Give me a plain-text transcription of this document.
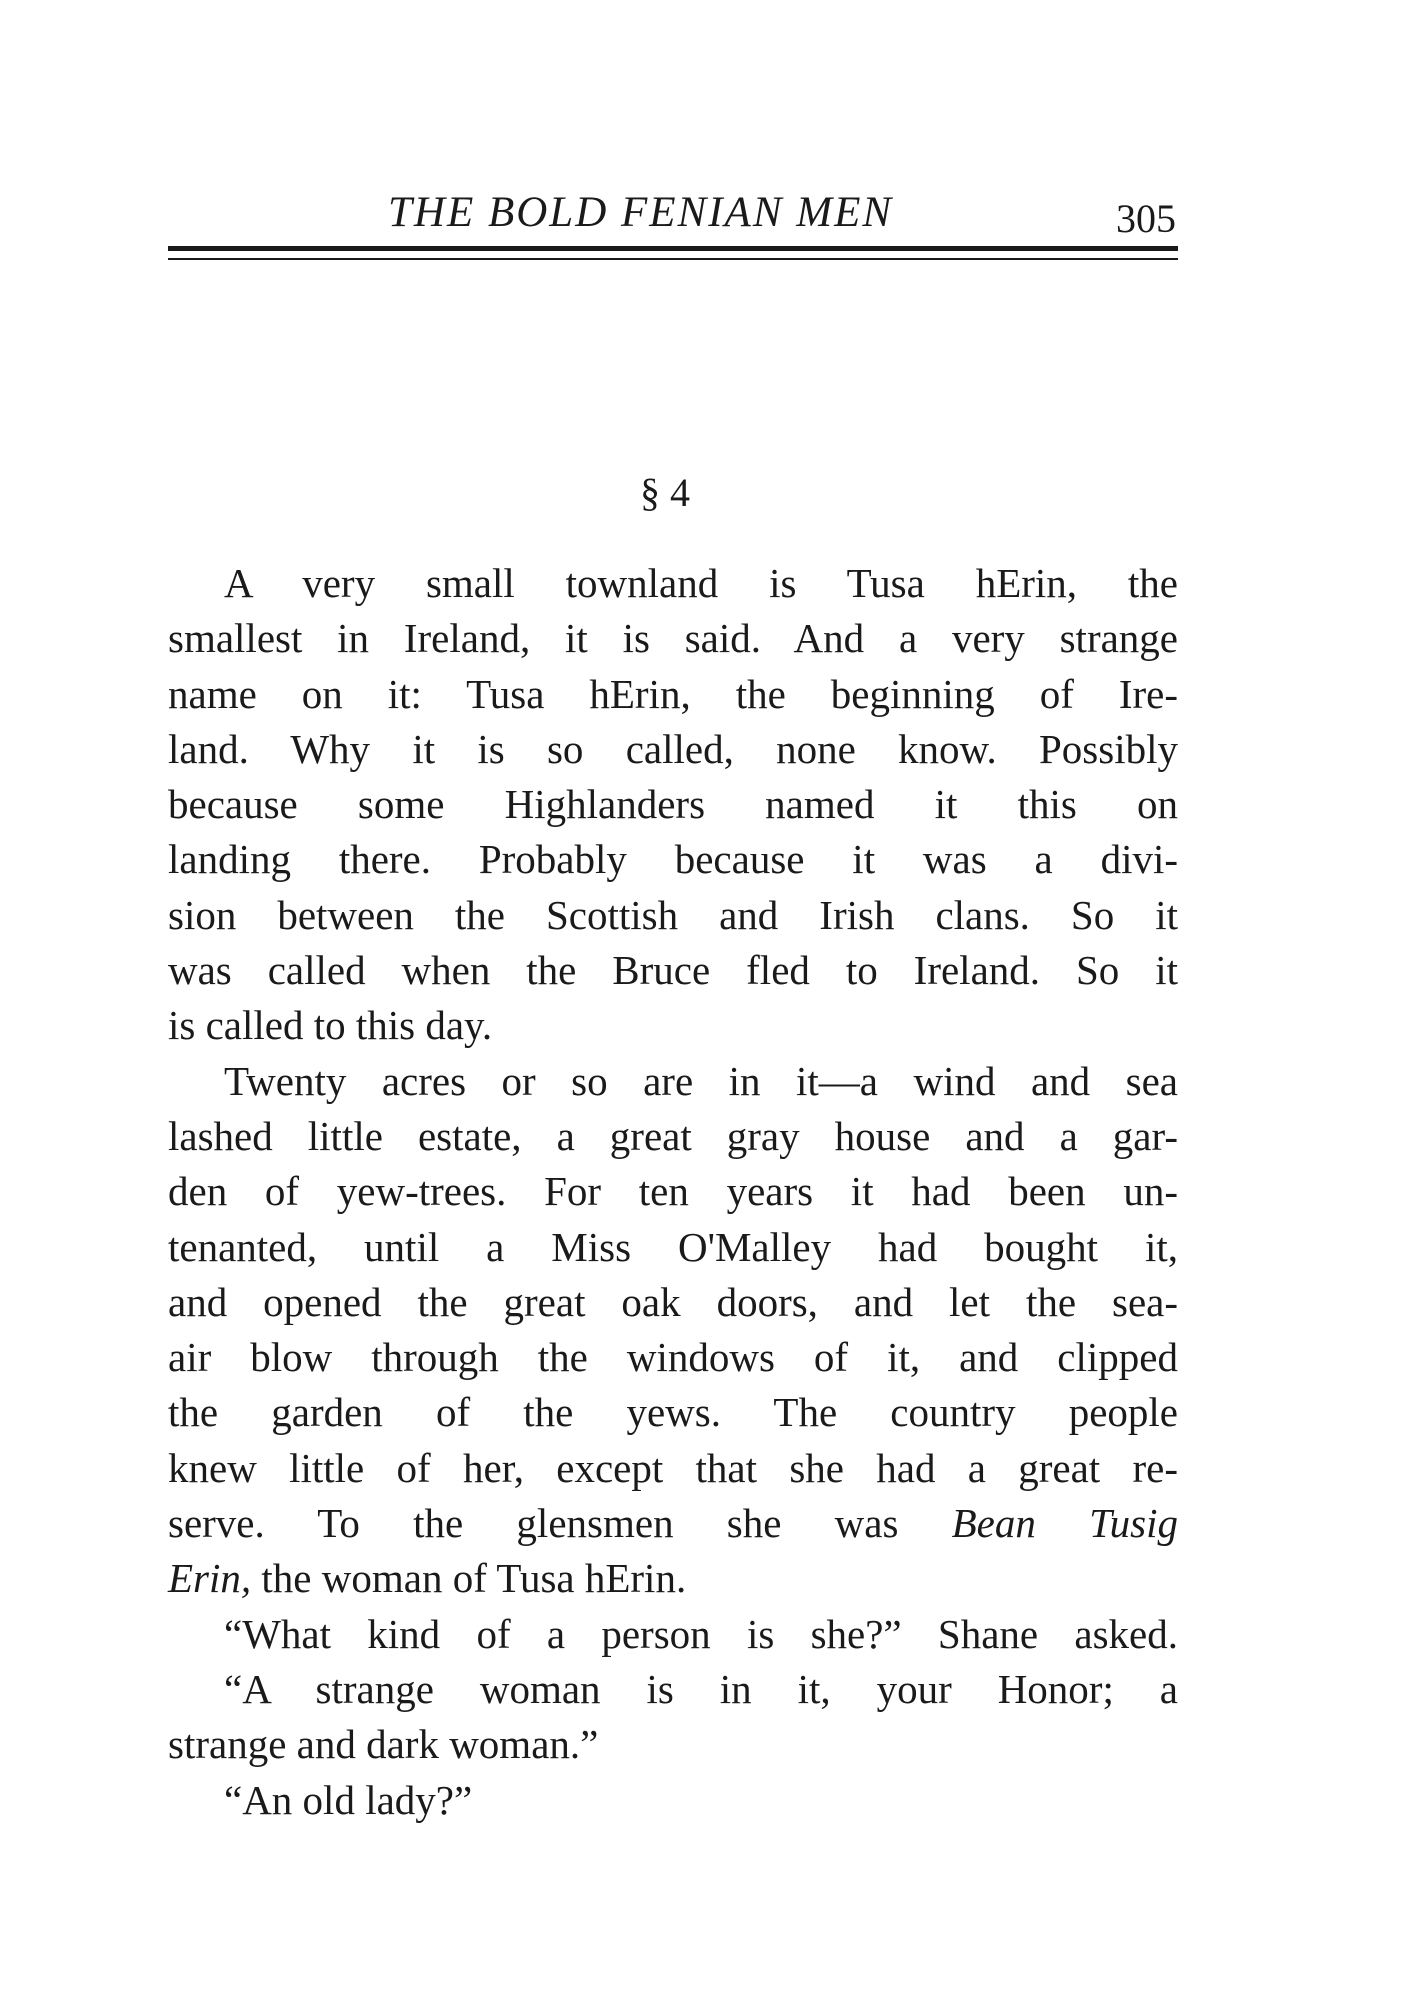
THE BOLD FENIAN MEN	305
§ 4
A very small townland is Tusa hErin, the
smallest in Ireland, it is said. And a very strange
name on it: Tusa hErin, the beginning of Ire-
land. Why it is so called, none know. Possibly
because some Highlanders named it this on
landing there. Probably because it was a divi-
sion between the Scottish and Irish clans. So it
was called when the Bruce fled to Ireland. So it
is called to this day.
Twenty acres or so are in it—a wind and sea
lashed little estate, a great gray house and a gar-
den of yew-trees. For ten years it had been un-
tenanted, until a Miss O'Malley had bought it,
and opened the great oak doors, and let the sea-
air blow through the windows of it, and clipped
the garden of the yews. The country people
knew little of her, except that she had a great re-
serve. To the glensmen she was Bean Tusig
Erin, the woman of Tusa hErin.
“What kind of a person is she?” Shane asked.
“A strange woman is in it, your Honor; a
strange and dark woman.”
“An old lady?”
